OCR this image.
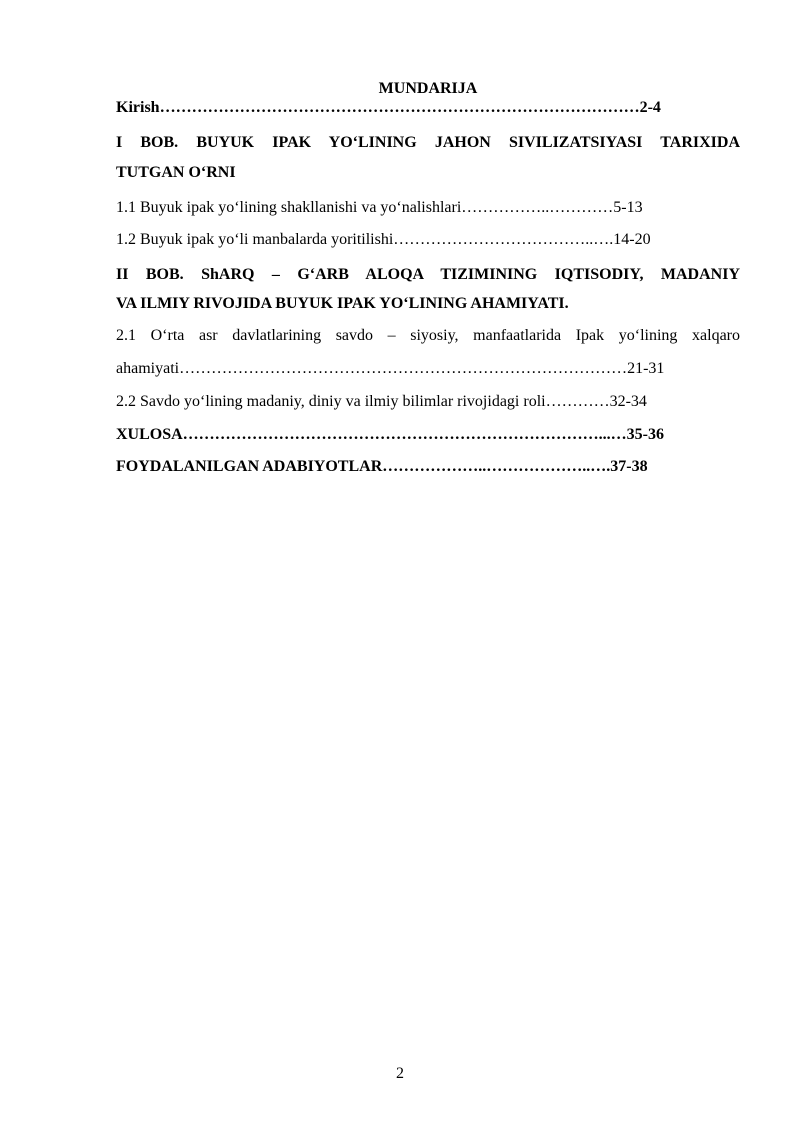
MUNDARIJA
Kirish………………………………………………………………………………2-4
I BOB. BUYUK IPAK YO‘LINING JAHON SIVILIZATSIYASI TARIXIDA
TUTGAN O‘RNI
1.1 Buyuk ipak yo‘lining shakllanishi va yo‘nalishlari……………..…………5-13
1.2 Buyuk ipak yo‘li manbalarda yoritilishi………………………………..….14-20
II BOB. ShARQ – G‘ARB ALOQA TIZIMINING IQTISODIY, MADANIY
VA ILMIY RIVOJIDA BUYUK IPAK YO‘LINING AHAMIYATI.
2.1 O‘rta asr davlatlarining savdo – siyosiy, manfaatlarida Ipak yo‘lining xalqaro
ahamiyati…………………………………………………………………………21-31
2.2 Savdo yo‘lining madaniy, diniy va ilmiy bilimlar rivojidagi roli…………32-34
XULOSA……………………………………………………………………...…35-36
FOYDALANILGAN ADABIYOTLAR………………..………………..….37-38
2
